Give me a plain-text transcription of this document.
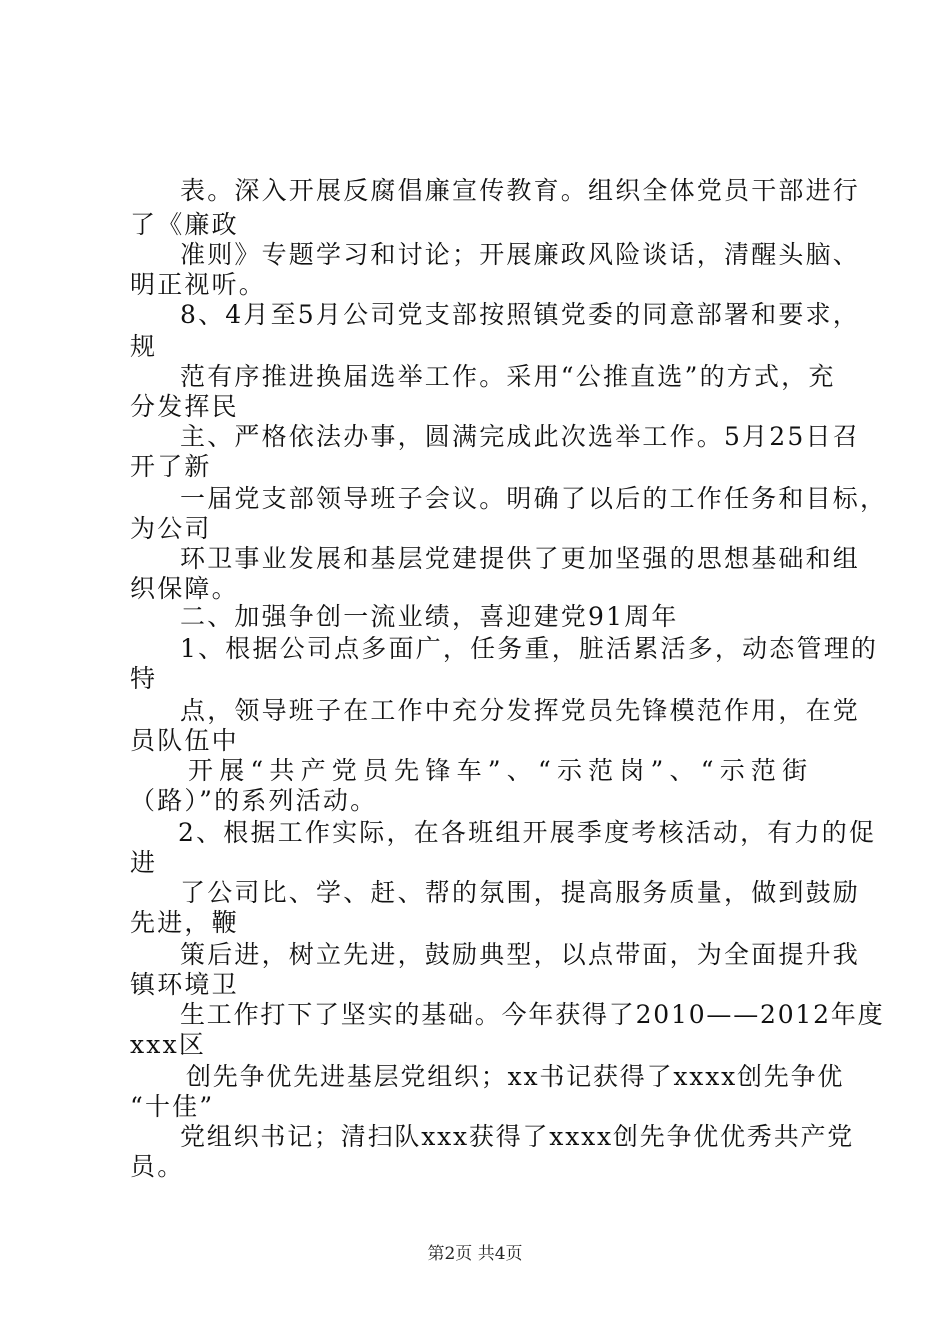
表。深入开展反腐倡廉宣传教育。组织全体党员干部进行
了《廉政
准则》专题学习和讨论；开展廉政风险谈话，清醒头脑、
明正视听。
8、4月至5月公司党支部按照镇党委的同意部署和要求，
规
范有序推进换届选举工作。采用“公推直选”的方式，充
分发挥民
主、严格依法办事，圆满完成此次选举工作。5月25日召
开了新
一届党支部领导班子会议。明确了以后的工作任务和目标，
为公司
环卫事业发展和基层党建提供了更加坚强的思想基础和组
织保障。
二、加强争创一流业绩，喜迎建党91周年
1、根据公司点多面广，任务重，脏活累活多，动态管理的
特
点，领导班子在工作中充分发挥党员先锋模范作用，在党
员队伍中
开展“共产党员先锋车”、“示范岗”、“示范街
（路）”的系列活动。
2、根据工作实际，在各班组开展季度考核活动，有力的促
进
了公司比、学、赶、帮的氛围，提高服务质量，做到鼓励
先进，鞭
策后进，树立先进，鼓励典型，以点带面，为全面提升我
镇环境卫
生工作打下了坚实的基础。今年获得了2010——2012年度
xxx区
创先争优先进基层党组织；xx书记获得了xxxx创先争优
“十佳”
党组织书记；清扫队xxx获得了xxxx创先争优优秀共产党
员。
第2页 共4页
